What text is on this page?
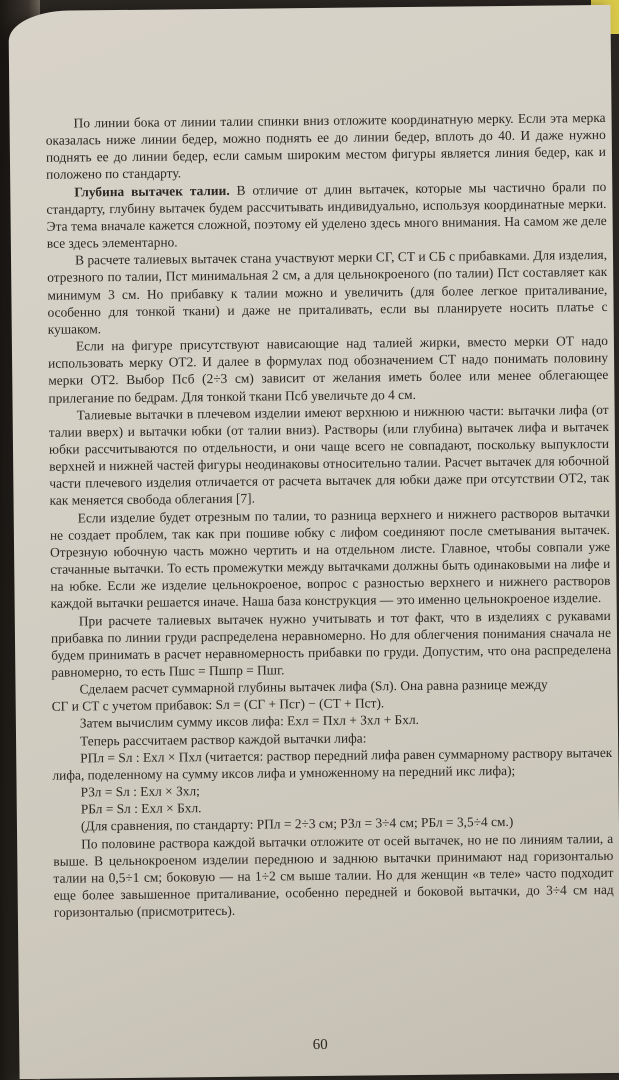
По линии бока от линии талии спинки вниз отложите координатную мерку. Если эта мерка оказалась ниже линии бедер, можно поднять ее до линии бедер, вплоть до 40. И даже нужно поднять ее до линии бедер, если самым широким местом фигуры является линия бедер, как и положено по стандарту.

Глубина вытачек талии. В отличие от длин вытачек, которые мы частично брали по стандарту, глубину вытачек будем рассчитывать индивидуально, используя координатные мерки. Эта тема вначале кажется сложной, поэтому ей уделено здесь много внимания. На самом же деле все здесь элементарно.

В расчете талиевых вытачек стана участвуют мерки СГ, СТ и СБ с прибавками. Для изделия, отрезного по талии, Пст минимальная 2 см, а для цельнокроеного (по талии) Пст составляет как минимум 3 см. Но прибавку к талии можно и увеличить (для более легкое приталивание, особенно для тонкой ткани) и даже не приталивать, если вы планируете носить платье с кушаком.

Если на фигуре присутствуют нависающие над талией жирки, вместо мерки ОТ надо использовать мерку ОТ2. И далее в формулах под обозначением СТ надо понимать половину мерки ОТ2. Выбор Псб (2÷3 см) зависит от желания иметь более или менее облегающее прилегание по бедрам. Для тонкой ткани Псб увеличьте до 4 см.

Талиевые вытачки в плечевом изделии имеют верхнюю и нижнюю части: вытачки лифа (от талии вверх) и вытачки юбки (от талии вниз). Растворы (или глубина) вытачек лифа и вытачек юбки рассчитываются по отдельности, и они чаще всего не совпадают, поскольку выпуклости верхней и нижней частей фигуры неодинаковы относительно талии. Расчет вытачек для юбочной части плечевого изделия отличается от расчета вытачек для юбки даже при отсутствии ОТ2, так как меняется свобода облегания [7].

Если изделие будет отрезным по талии, то разница верхнего и нижнего растворов вытачки не создает проблем, так как при пошиве юбку с лифом соединяют после сметывания вытачек. Отрезную юбочную часть можно чертить и на отдельном листе. Главное, чтобы совпали уже стачанные вытачки. То есть промежутки между вытачками должны быть одинаковыми на лифе и на юбке. Если же изделие цельнокроеное, вопрос с разностью верхнего и нижнего растворов каждой вытачки решается иначе. Наша база конструкция — это именно цельнокроеное изделие.

При расчете талиевых вытачек нужно учитывать и тот факт, что в изделиях с рукавами прибавка по линии груди распределена неравномерно. Но для облегчения понимания сначала не будем принимать в расчет неравномерность прибавки по груди. Допустим, что она распределена равномерно, то есть Пшс = Пшпр = Пшг.

Сделаем расчет суммарной глубины вытачек лифа (Sл). Она равна разнице между

СГ и СТ с учетом прибавок: Sл = (СГ + Псг) − (СТ + Пст).

Затем вычислим сумму иксов лифа: Ехл = Пхл + Зхл + Бхл.

Теперь рассчитаем раствор каждой вытачки лифа:

РПл = Sл : Ехл × Пхл (читается: раствор передний лифа равен суммарному раствору вытачек лифа, поделенному на сумму иксов лифа и умноженному на передний икс лифа);

РЗл = Sл : Ехл × Зхл;

РБл = Sл : Ехл × Бхл.

(Для сравнения, по стандарту: РПл = 2÷3 см; РЗл = 3÷4 см; РБл = 3,5÷4 см.)

По половине раствора каждой вытачки отложите от осей вытачек, но не по линиям талии, а выше. В цельнокроеном изделии переднюю и заднюю вытачки принимают над горизонталью талии на 0,5÷1 см; боковую — на 1÷2 см выше талии. Но для женщин «в теле» часто подходит еще более завышенное приталивание, особенно передней и боковой вытачки, до 3÷4 см над горизонталью (присмотритесь).

60
